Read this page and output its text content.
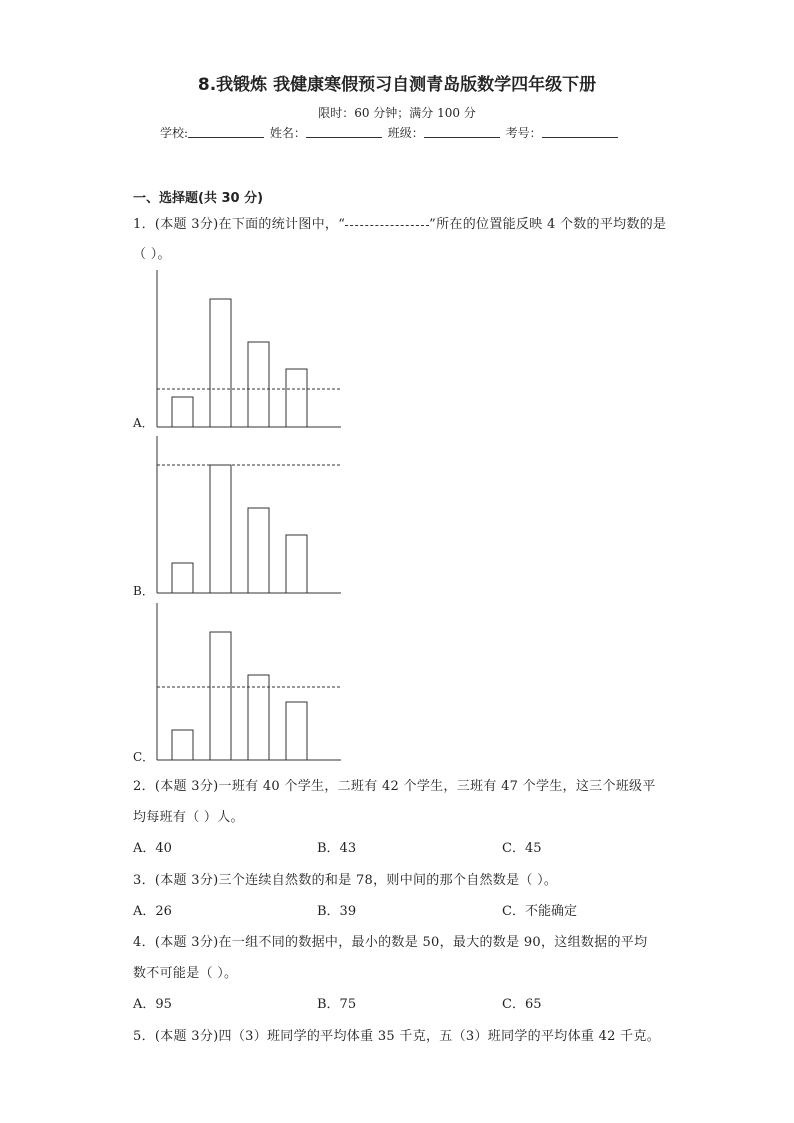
8.我锻炼 我健康寒假预习自测青岛版数学四年级下册
限时：60 分钟；满分 100 分
学校:	姓名：	班级：	考号：
一、选择题(共 30 分)
1．(本题 3分)在下面的统计图中，“	”所在的位置能反映 4 个数的平均数的是
（ ）。
A．
B．
C．
2．(本题 3分)一班有 40 个学生，二班有 42 个学生，三班有 47 个学生，这三个班级平
均每班有（ ）人。
A．40	B．43	C．45
3．(本题 3分)三个连续自然数的和是 78，则中间的那个自然数是（ ）。
A．26	B．39	C．不能确定
4．(本题 3分)在一组不同的数据中，最小的数是 50，最大的数是 90，这组数据的平均
数不可能是（ ）。
A．95	B．75	C．65
5．(本题 3分)四（3）班同学的平均体重 35 千克，五（3）班同学的平均体重 42 千克。
